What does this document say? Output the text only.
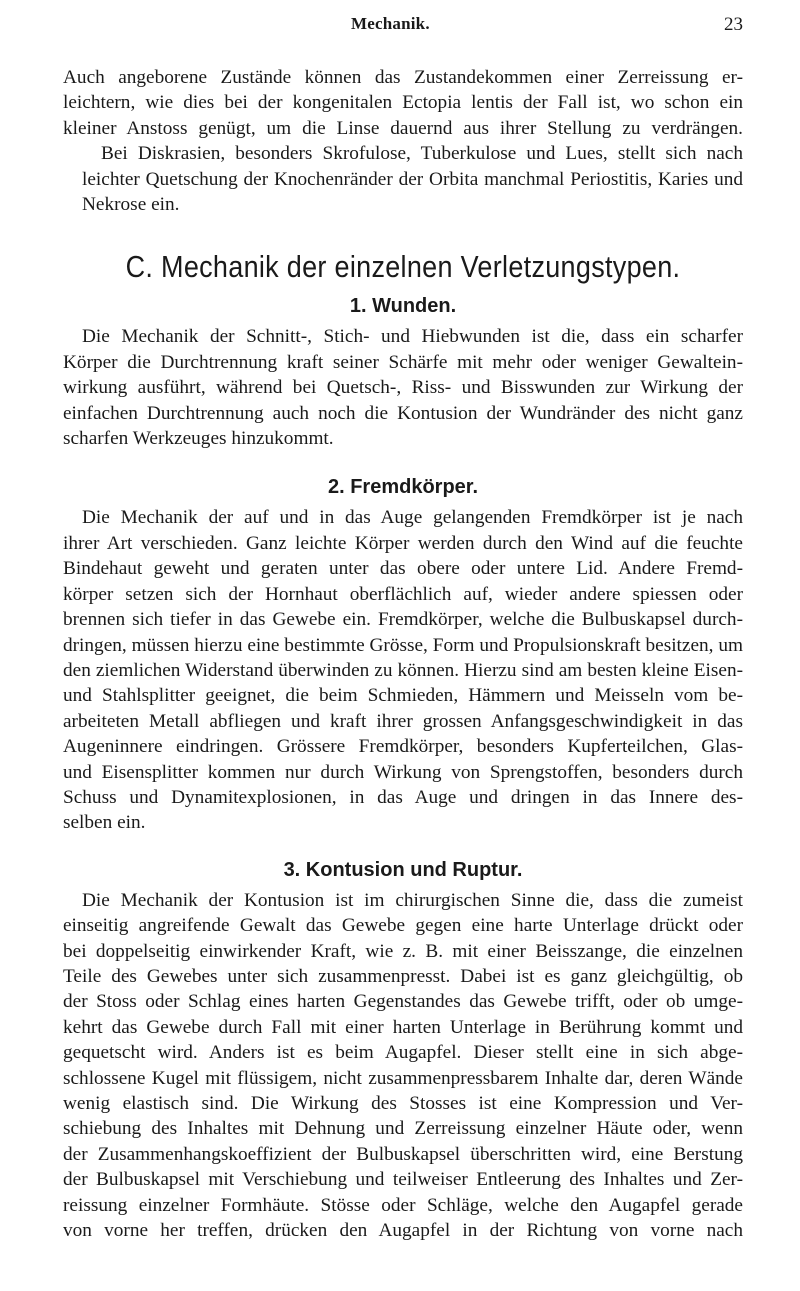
Mechanik.	23

Auch angeborene Zustände können das Zustandekommen einer Zerreissung er-
leichtern, wie dies bei der kongenitalen Ectopia lentis der Fall ist, wo schon ein
kleiner Anstoss genügt, um die Linse dauernd aus ihrer Stellung zu verdrängen.

Bei Diskrasien, besonders Skrofulose, Tuberkulose und Lues, stellt sich nach
leichter Quetschung der Knochenränder der Orbita manchmal Periostitis, Karies und
Nekrose ein.

C. Mechanik der einzelnen Verletzungstypen.
1. Wunden.

Die Mechanik der Schnitt-, Stich- und Hiebwunden ist die, dass ein scharfer
Körper die Durchtrennung kraft seiner Schärfe mit mehr oder weniger Gewaltein-
wirkung ausführt, während bei Quetsch-, Riss- und Bisswunden zur Wirkung der
einfachen Durchtrennung auch noch die Kontusion der Wundränder des nicht ganz
scharfen Werkzeuges hinzukommt.

2. Fremdkörper.

Die Mechanik der auf und in das Auge gelangenden Fremdkörper ist je nach
ihrer Art verschieden. Ganz leichte Körper werden durch den Wind auf die feuchte
Bindehaut geweht und geraten unter das obere oder untere Lid. Andere Fremd-
körper setzen sich der Hornhaut oberflächlich auf, wieder andere spiessen oder
brennen sich tiefer in das Gewebe ein. Fremdkörper, welche die Bulbuskapsel durch-
dringen, müssen hierzu eine bestimmte Grösse, Form und Propulsionskraft besitzen, um
den ziemlichen Widerstand überwinden zu können. Hierzu sind am besten kleine Eisen-
und Stahlsplitter geeignet, die beim Schmieden, Hämmern und Meisseln vom be-
arbeiteten Metall abfliegen und kraft ihrer grossen Anfangsgeschwindigkeit in das
Augeninnere eindringen. Grössere Fremdkörper, besonders Kupferteilchen, Glas-
und Eisensplitter kommen nur durch Wirkung von Sprengstoffen, besonders durch
Schuss und Dynamitexplosionen, in das Auge und dringen in das Innere des-
selben ein.

3. Kontusion und Ruptur.

Die Mechanik der Kontusion ist im chirurgischen Sinne die, dass die zumeist
einseitig angreifende Gewalt das Gewebe gegen eine harte Unterlage drückt oder
bei doppelseitig einwirkender Kraft, wie z. B. mit einer Beisszange, die einzelnen
Teile des Gewebes unter sich zusammenpresst. Dabei ist es ganz gleichgültig, ob
der Stoss oder Schlag eines harten Gegenstandes das Gewebe trifft, oder ob umge-
kehrt das Gewebe durch Fall mit einer harten Unterlage in Berührung kommt und
gequetscht wird. Anders ist es beim Augapfel. Dieser stellt eine in sich abge-
schlossene Kugel mit flüssigem, nicht zusammenpressbarem Inhalte dar, deren Wände
wenig elastisch sind. Die Wirkung des Stosses ist eine Kompression und Ver-
schiebung des Inhaltes mit Dehnung und Zerreissung einzelner Häute oder, wenn
der Zusammenhangskoeffizient der Bulbuskapsel überschritten wird, eine Berstung
der Bulbuskapsel mit Verschiebung und teilweiser Entleerung des Inhaltes und Zer-
reissung einzelner Formhäute. Stösse oder Schläge, welche den Augapfel gerade
von vorne her treffen, drücken den Augapfel in der Richtung von vorne nach
